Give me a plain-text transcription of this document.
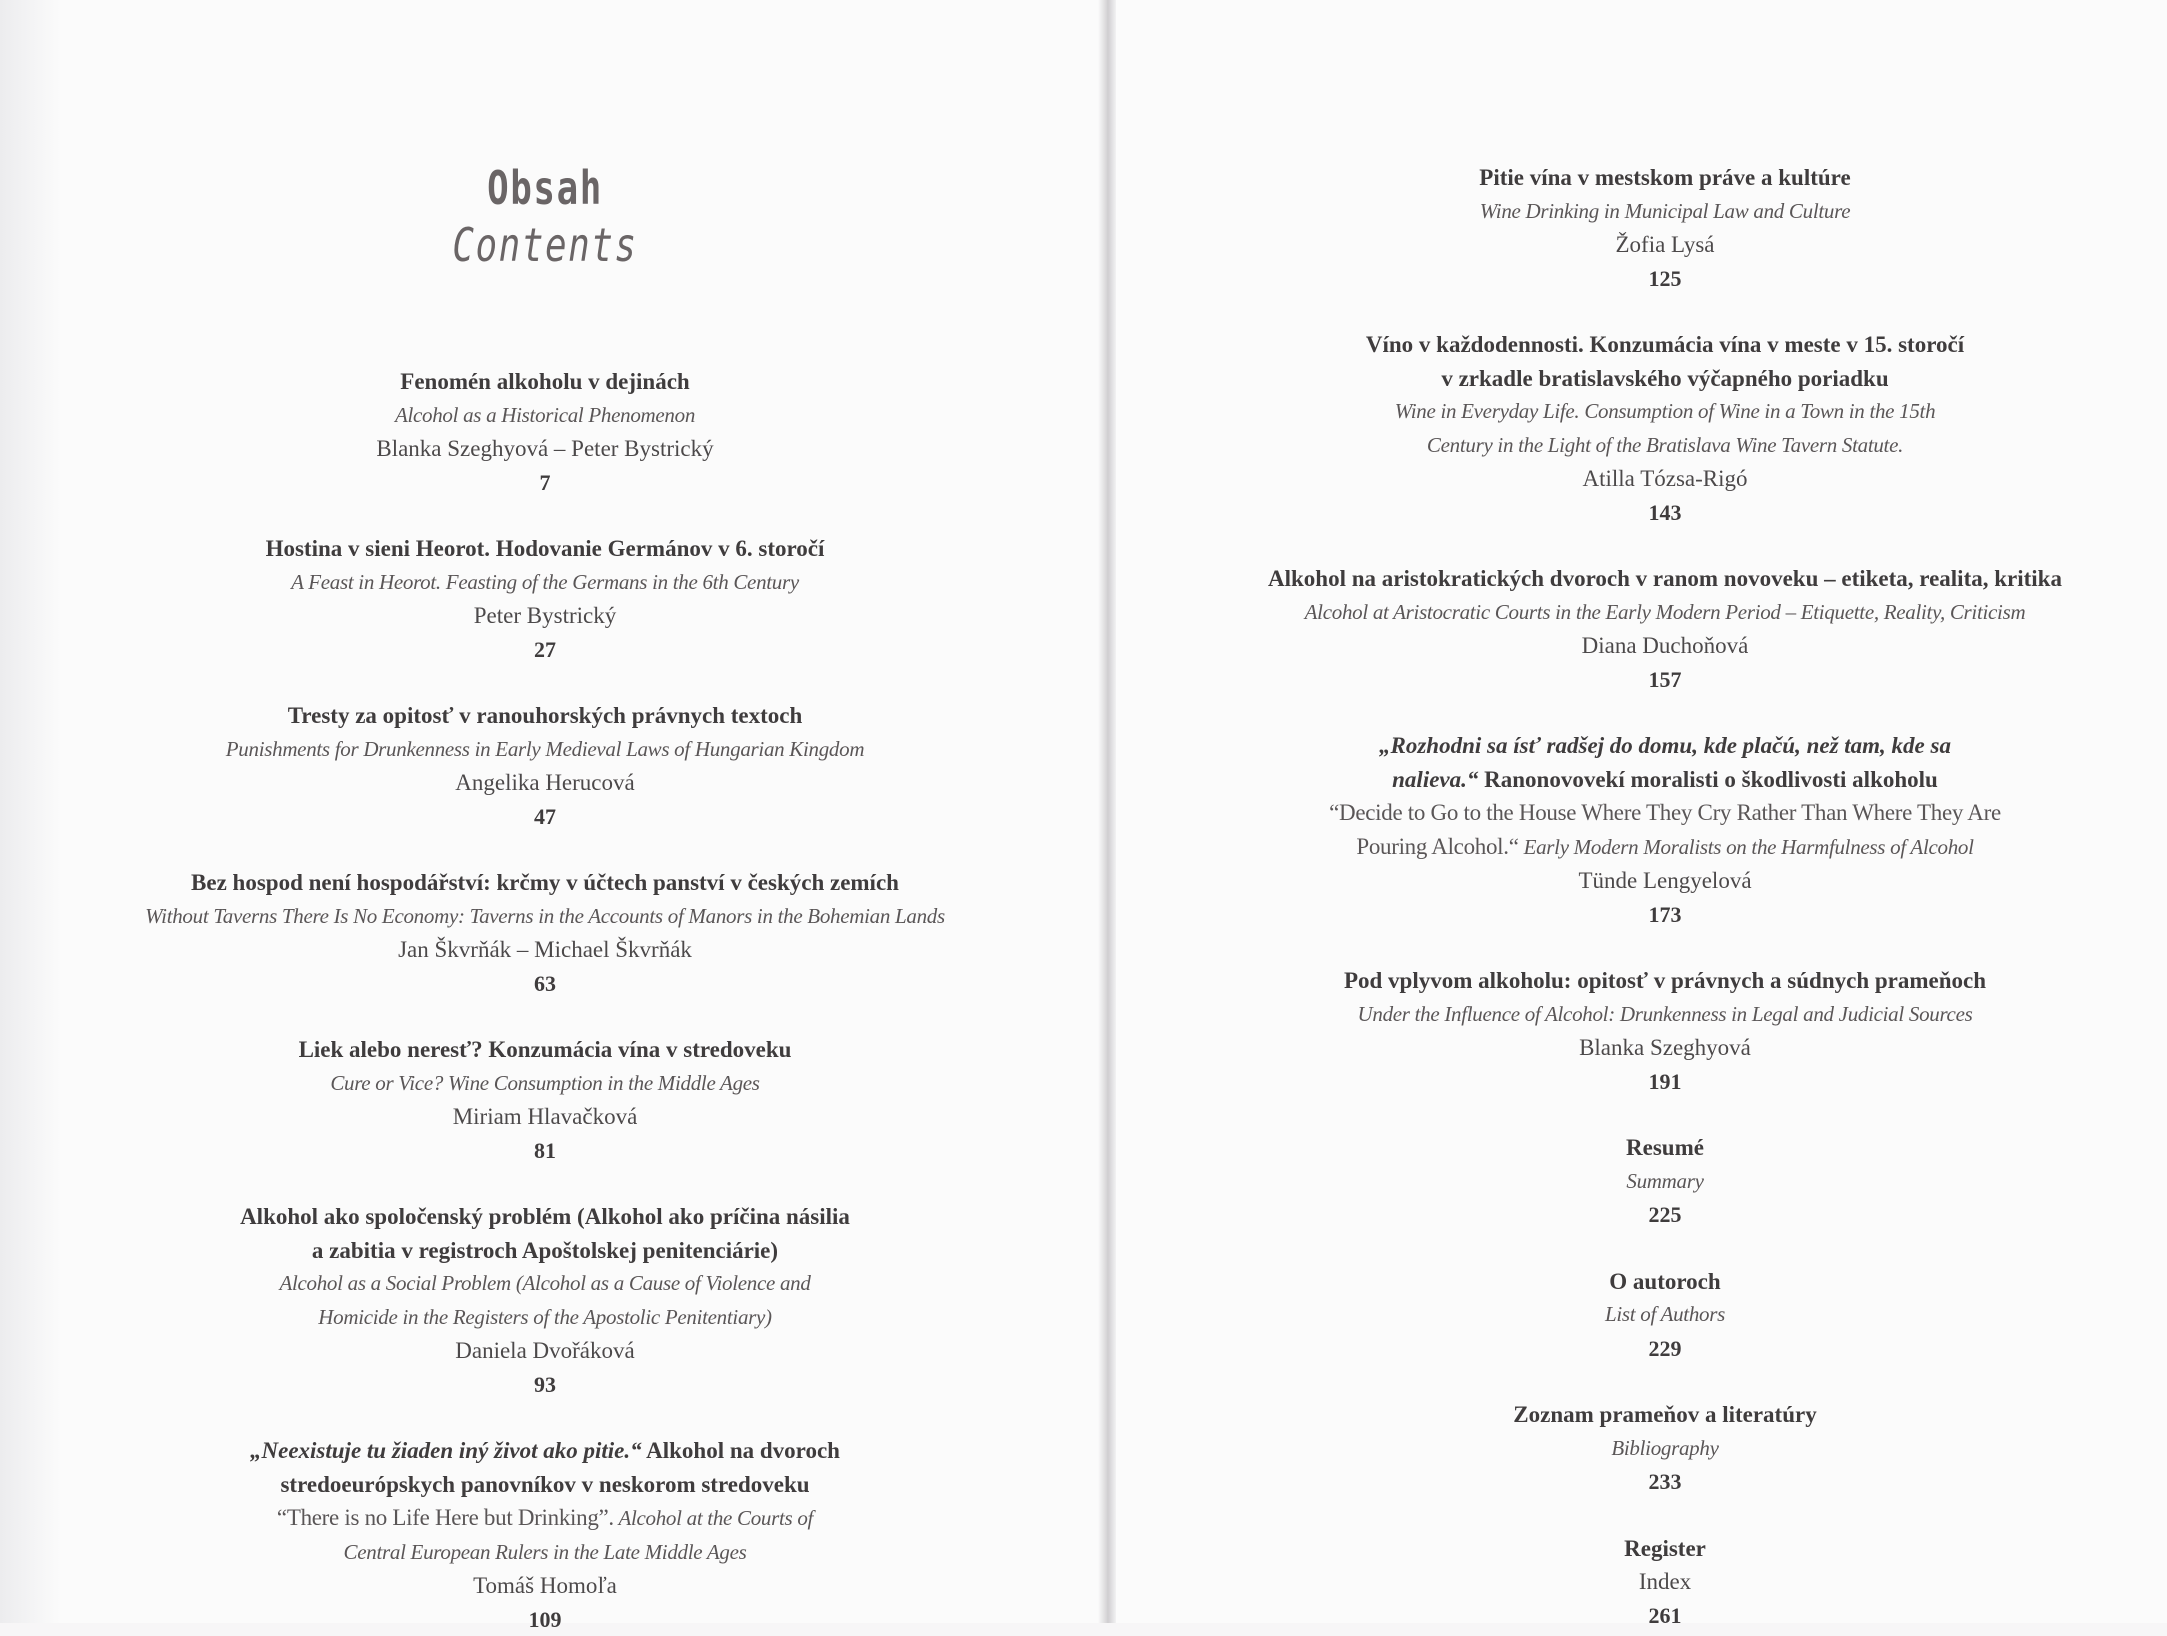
Obsah
Contents
Fenomén alkoholu v dejinách
Alcohol as a Historical Phenomenon
Blanka Szeghyová – Peter Bystrický
7
Hostina v sieni Heorot. Hodovanie Germánov v 6. storočí
A Feast in Heorot. Feasting of the Germans in the 6th Century
Peter Bystrický
27
Tresty za opitosť v ranouhorských právnych textoch
Punishments for Drunkenness in Early Medieval Laws of Hungarian Kingdom
Angelika Herucová
47
Bez hospod není hospodářství: krčmy v účtech panství v českých zemích
Without Taverns There Is No Economy: Taverns in the Accounts of Manors in the Bohemian Lands
Jan Škvrňák – Michael Škvrňák
63
Liek alebo neresť? Konzumácia vína v stredoveku
Cure or Vice? Wine Consumption in the Middle Ages
Miriam Hlavačková
81
Alkohol ako spoločenský problém (Alkohol ako príčina násilia
a zabitia v registroch Apoštolskej penitenciárie)
Alcohol as a Social Problem (Alcohol as a Cause of Violence and
Homicide in the Registers of the Apostolic Penitentiary)
Daniela Dvořáková
93
„Neexistuje tu žiaden iný život ako pitie.“ Alkohol na dvoroch
stredoeurópskych panovníkov v neskorom stredoveku
“There is no Life Here but Drinking”. Alcohol at the Courts of
Central European Rulers in the Late Middle Ages
Tomáš Homoľa
109
Pitie vína v mestskom práve a kultúre
Wine Drinking in Municipal Law and Culture
Žofia Lysá
125
Víno v každodennosti. Konzumácia vína v meste v 15. storočí
v zrkadle bratislavského výčapného poriadku
Wine in Everyday Life. Consumption of Wine in a Town in the 15th
Century in the Light of the Bratislava Wine Tavern Statute.
Atilla Tózsa-Rigó
143
Alkohol na aristokratických dvoroch v ranom novoveku – etiketa, realita, kritika
Alcohol at Aristocratic Courts in the Early Modern Period – Etiquette, Reality, Criticism
Diana Duchoňová
157
„Rozhodni sa ísť radšej do domu, kde plačú, než tam, kde sa
nalieva.“ Ranonovovekí moralisti o škodlivosti alkoholu
“Decide to Go to the House Where They Cry Rather Than Where They Are
Pouring Alcohol.“ Early Modern Moralists on the Harmfulness of Alcohol
Tünde Lengyelová
173
Pod vplyvom alkoholu: opitosť v právnych a súdnych prameňoch
Under the Influence of Alcohol: Drunkenness in Legal and Judicial Sources
Blanka Szeghyová
191
Resumé
Summary
225
O autoroch
List of Authors
229
Zoznam prameňov a literatúry
Bibliography
233
Register
Index
261
